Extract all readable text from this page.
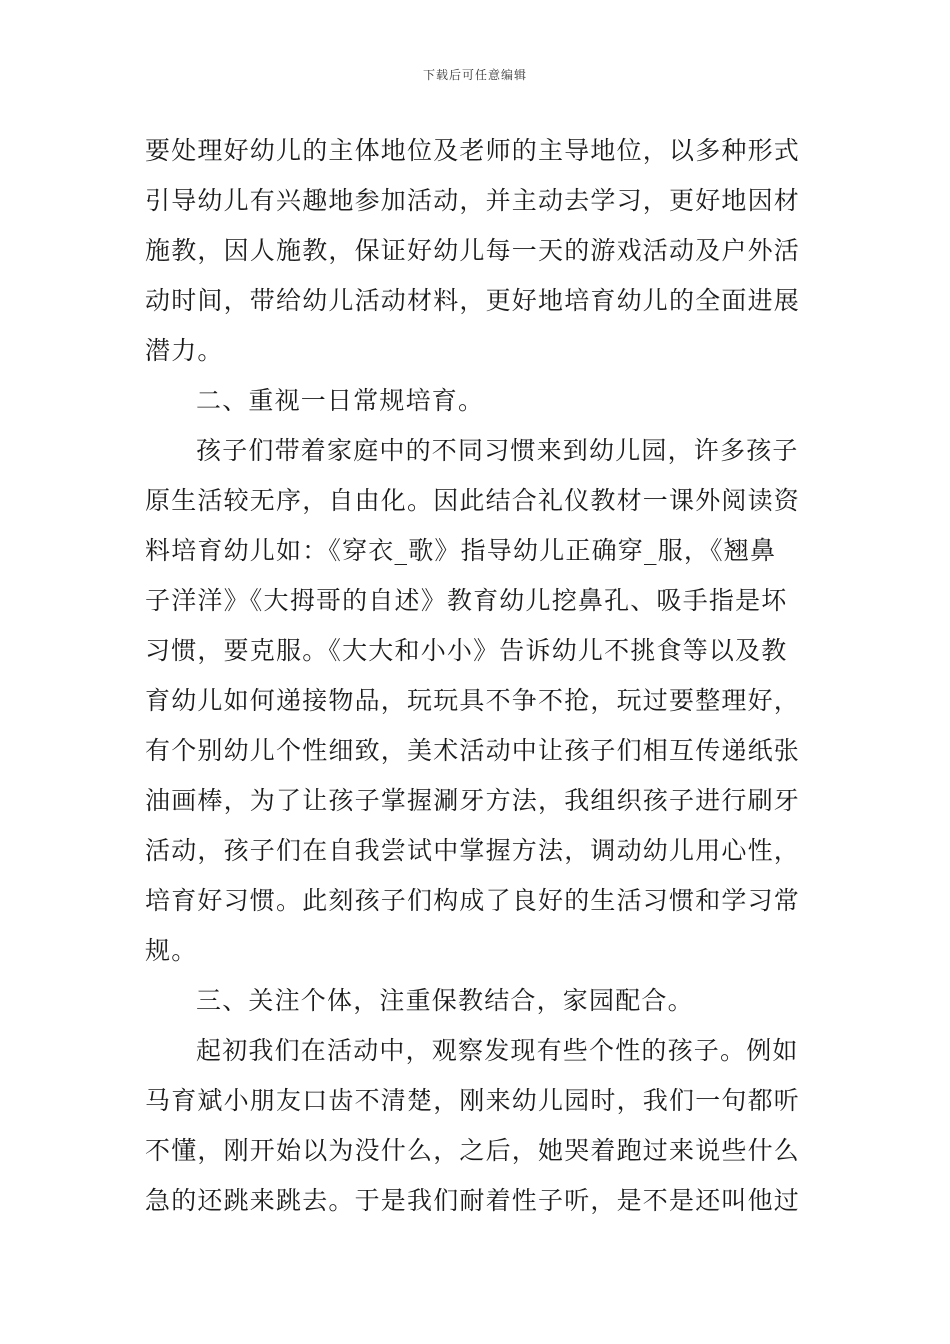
下载后可任意编辑
要处理好幼儿的主体地位及老师的主导地位，以多种形式
引导幼儿有兴趣地参加活动，并主动去学习，更好地因材
施教，因人施教，保证好幼儿每一天的游戏活动及户外活
动时间，带给幼儿活动材料，更好地培育幼儿的全面进展
潜力。
二、重视一日常规培育。
孩子们带着家庭中的不同习惯来到幼儿园，许多孩子
原生活较无序，自由化。因此结合礼仪教材一课外阅读资
料培育幼儿如：《穿衣_歌》指导幼儿正确穿_服，《翘鼻
子洋洋》《大拇哥的自述》教育幼儿挖鼻孔、吸手指是坏
习惯，要克服。《大大和小小》告诉幼儿不挑食等以及教
育幼儿如何递接物品，玩玩具不争不抢，玩过要整理好，
有个别幼儿个性细致，美术活动中让孩子们相互传递纸张
油画棒，为了让孩子掌握涮牙方法，我组织孩子进行刷牙
活动，孩子们在自我尝试中掌握方法，调动幼儿用心性，
培育好习惯。此刻孩子们构成了良好的生活习惯和学习常
规。
三、关注个体，注重保教结合，家园配合。
起初我们在活动中，观察发现有些个性的孩子。例如
马育斌小朋友口齿不清楚，刚来幼儿园时，我们一句都听
不懂，刚开始以为没什么，之后，她哭着跑过来说些什么
急的还跳来跳去。于是我们耐着性子听，是不是还叫他过
